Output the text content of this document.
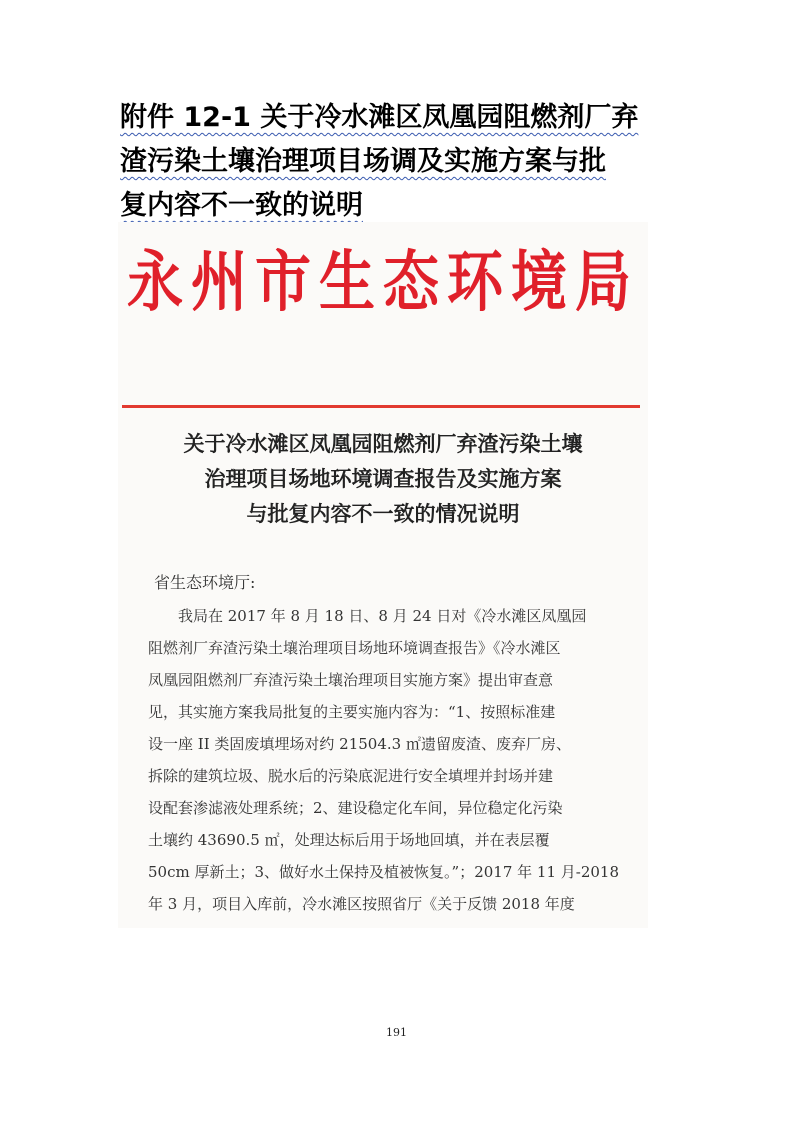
附件 12-1 关于冷水滩区凤凰园阻燃剂厂弃
渣污染土壤治理项目场调及实施方案与批
复内容不一致的说明
永州市生态环境局
关于冷水滩区凤凰园阻燃剂厂弃渣污染土壤
治理项目场地环境调查报告及实施方案
与批复内容不一致的情况说明
省生态环境厅:
　　我局在 2017 年 8 月 18 日、8 月 24 日对《冷水滩区凤凰园
阻燃剂厂弃渣污染土壤治理项目场地环境调查报告》《冷水滩区
凤凰园阻燃剂厂弃渣污染土壤治理项目实施方案》提出审查意
见，其实施方案我局批复的主要实施内容为：“1、按照标准建
设一座 II 类固废填埋场对约 21504.3 ㎡遗留废渣、废弃厂房、
拆除的建筑垃圾、脱水后的污染底泥进行安全填埋并封场并建
设配套渗滤液处理系统；2、建设稳定化车间，异位稳定化污染
土壤约 43690.5 ㎡，处理达标后用于场地回填，并在表层覆
50cm 厚新土；3、做好水土保持及植被恢复。”；2017 年 11 月-2018
年 3 月，项目入库前，冷水滩区按照省厅《关于反馈 2018 年度
191
